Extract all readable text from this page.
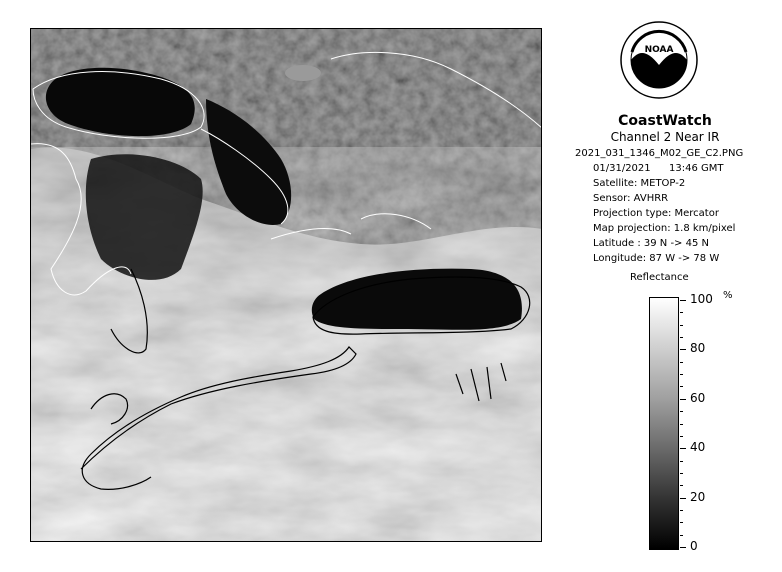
NOAA
CoastWatch
Channel 2 Near IR
2021_031_1346_M02_GE_C2.PNG
01/31/2021 13:46 GMT
Satellite: METOP-2
Sensor: AVHRR
Projection type: Mercator
Map projection: 1.8 km/pixel
Latitude : 39 N -> 45 N
Longitude: 87 W -> 78 W
Reflectance
%
100
80
60
40
20
0
